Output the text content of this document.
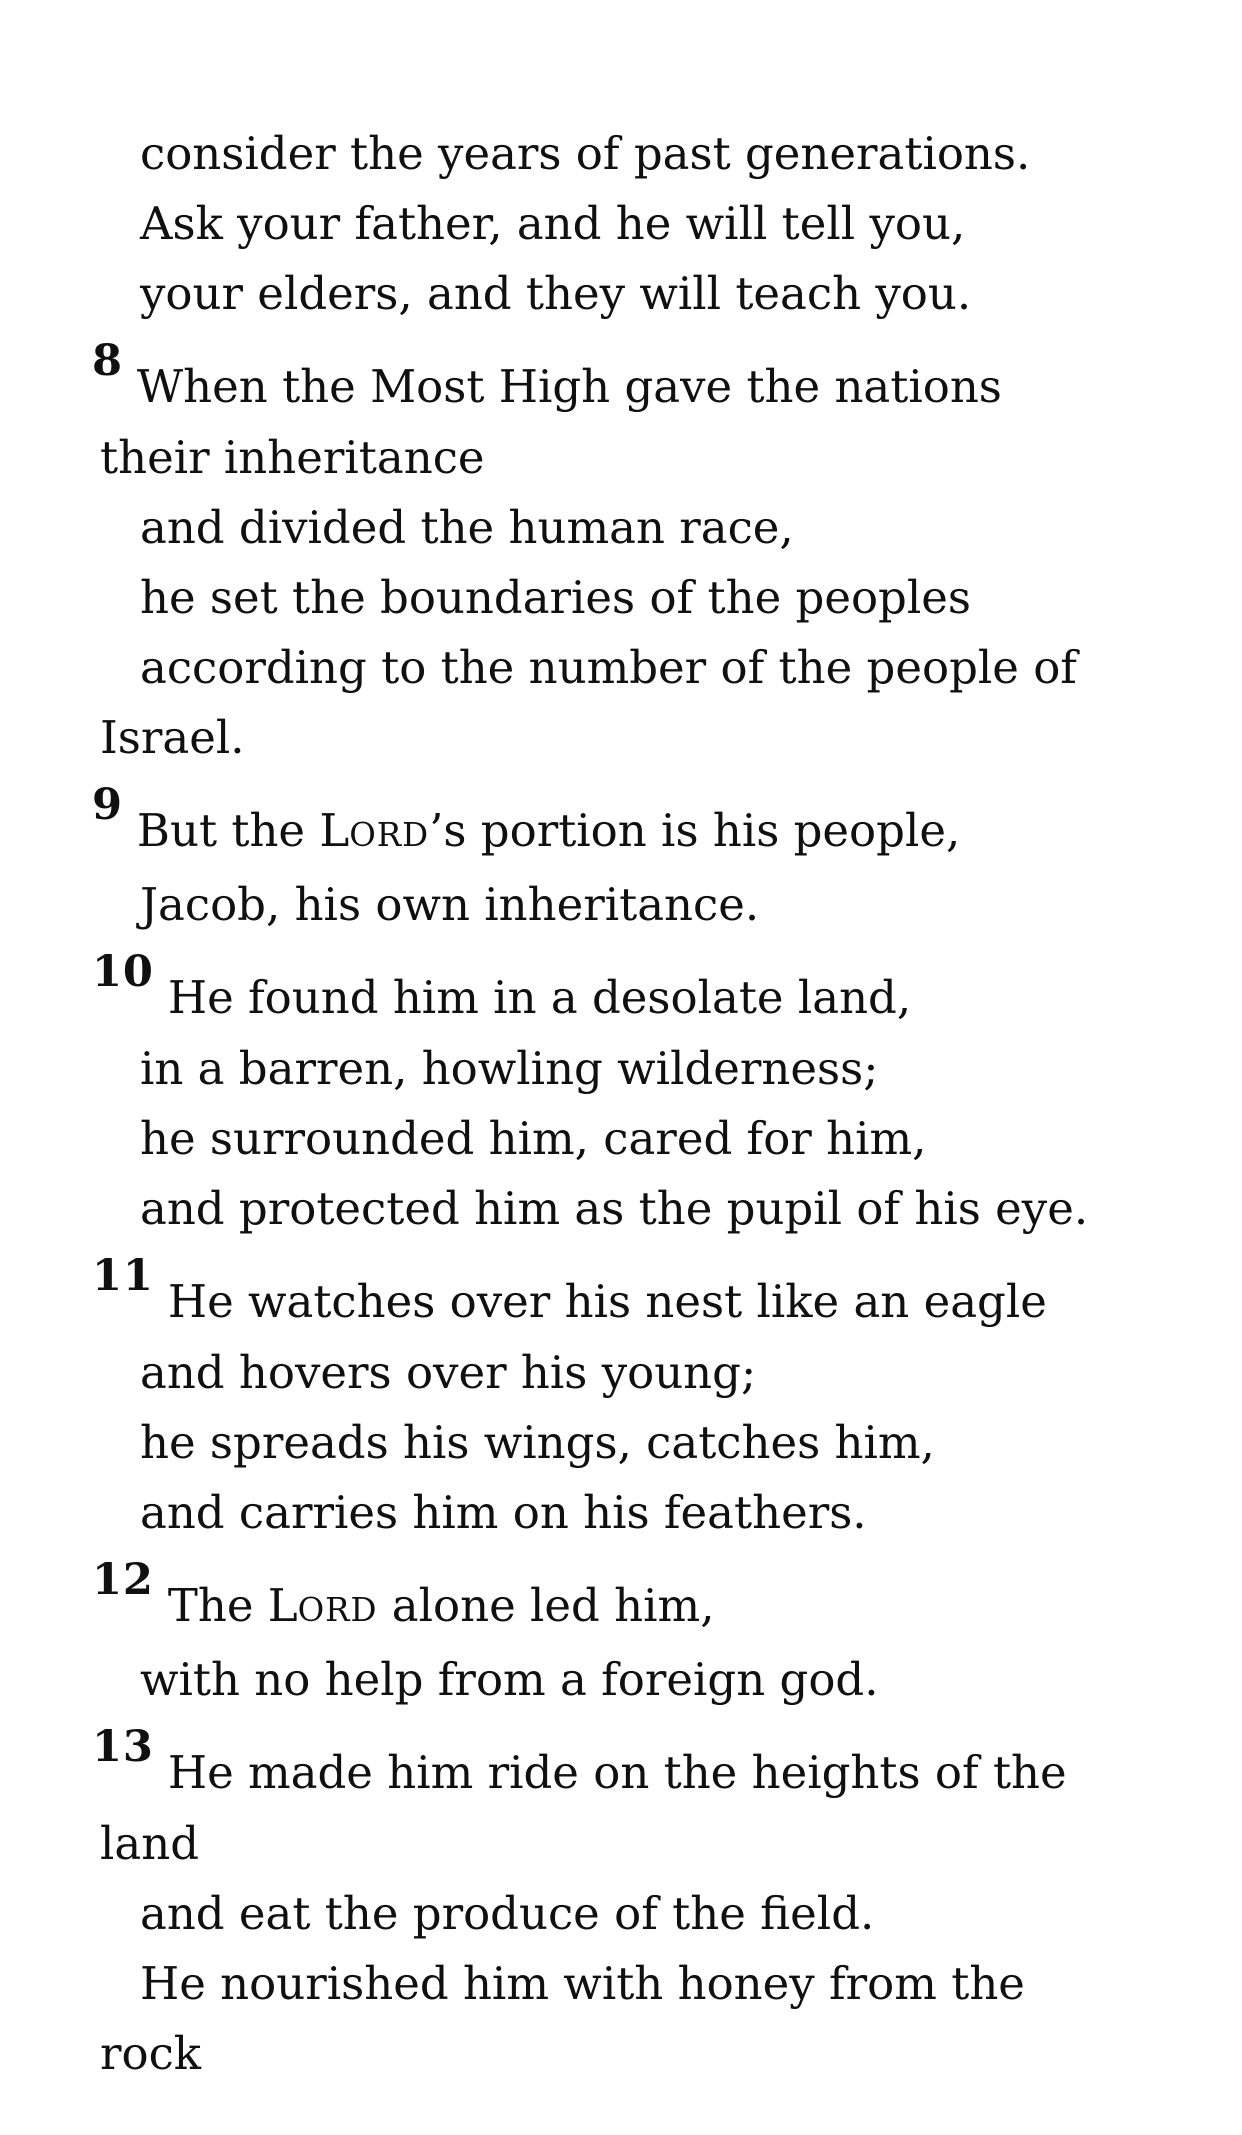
consider the years of past generations.
Ask your father, and he will tell you,
your elders, and they will teach you.
8 When the Most High gave the nations
their inheritance
and divided the human race,
he set the boundaries of the peoples
according to the number of the people of
Israel.
9 But the LORD’s portion is his people,
Jacob, his own inheritance.
10 He found him in a desolate land,
in a barren, howling wilderness;
he surrounded him, cared for him,
and protected him as the pupil of his eye.
11 He watches over his nest like an eagle
and hovers over his young;
he spreads his wings, catches him,
and carries him on his feathers.
12 The LORD alone led him,
with no help from a foreign god.
13 He made him ride on the heights of the
land
and eat the produce of the field.
He nourished him with honey from the
rock
